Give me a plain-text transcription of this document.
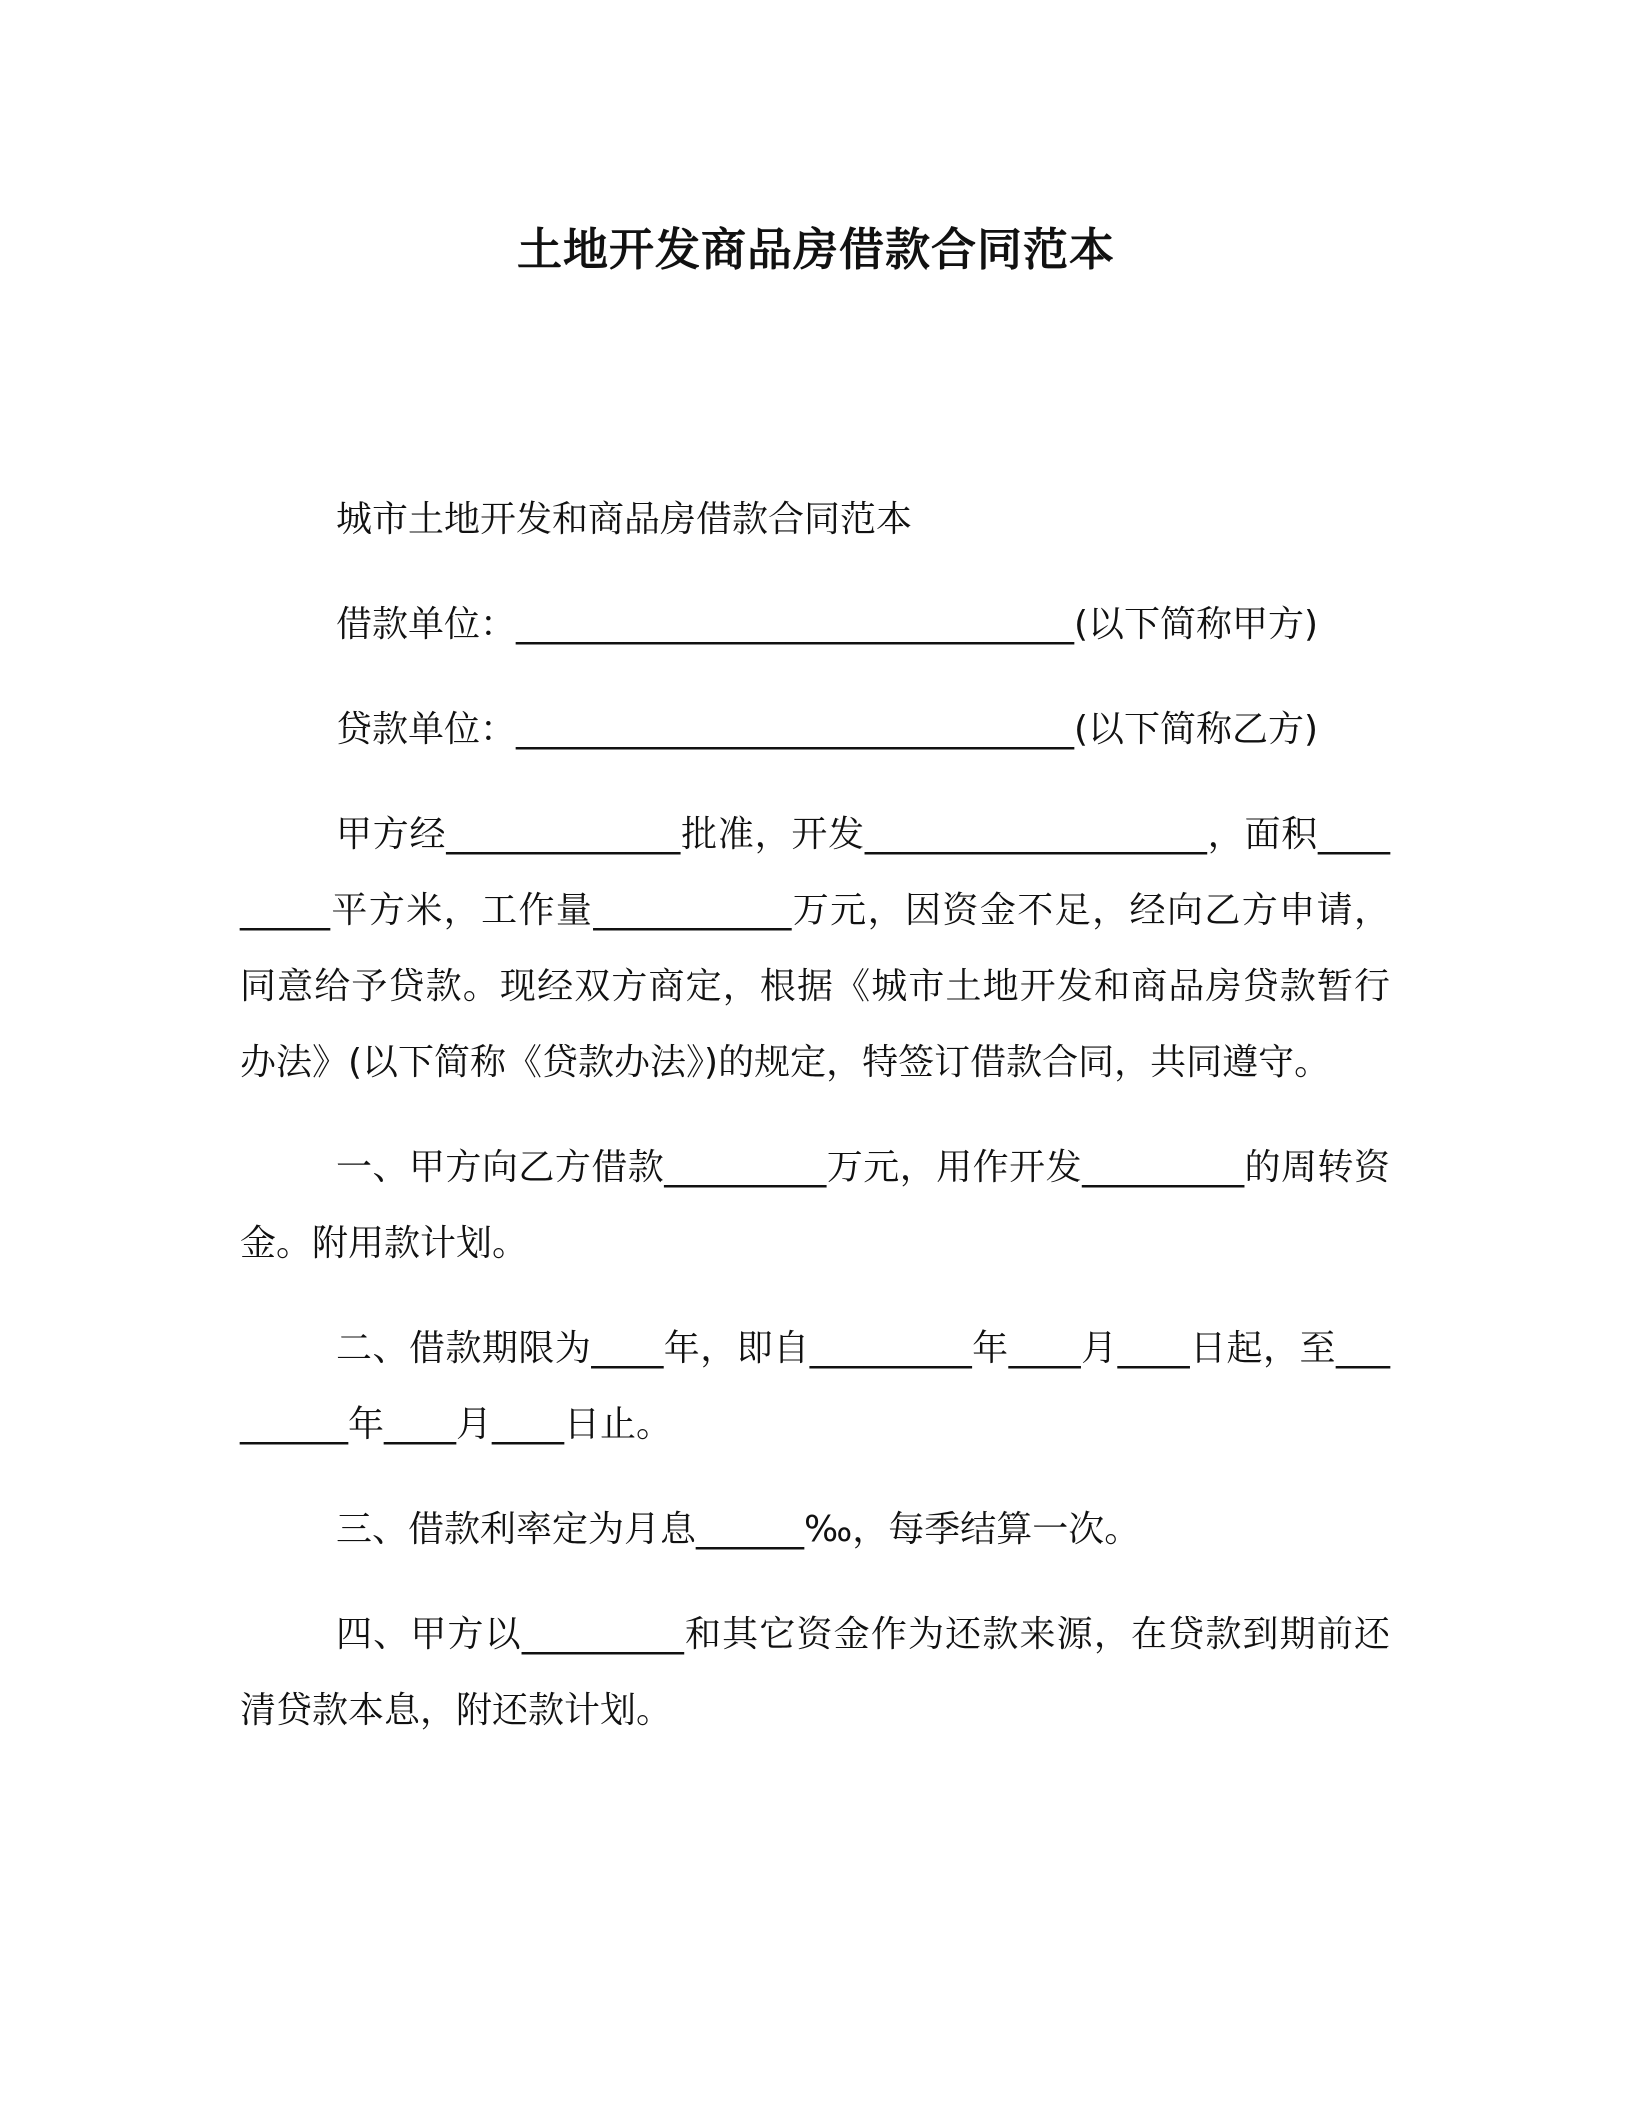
土地开发商品房借款合同范本

城市土地开发和商品房借款合同范本

借款单位：_______________________________(以下简称甲方)

贷款单位：_______________________________(以下简称乙方)

甲方经_____________批准，开发___________________，面积_________平方米，工作量___________万元，因资金不足，经向乙方申请，同意给予贷款。现经双方商定，根据《城市土地开发和商品房贷款暂行办法》(以下简称《贷款办法》)的规定，特签订借款合同，共同遵守。

一、甲方向乙方借款_________万元，用作开发_________的周转资金。附用款计划。

二、借款期限为____年，即自_________年____月____日起，至_________年____月____日止。

三、借款利率定为月息______‰，每季结算一次。

四、甲方以_________和其它资金作为还款来源，在贷款到期前还清贷款本息，附还款计划。
